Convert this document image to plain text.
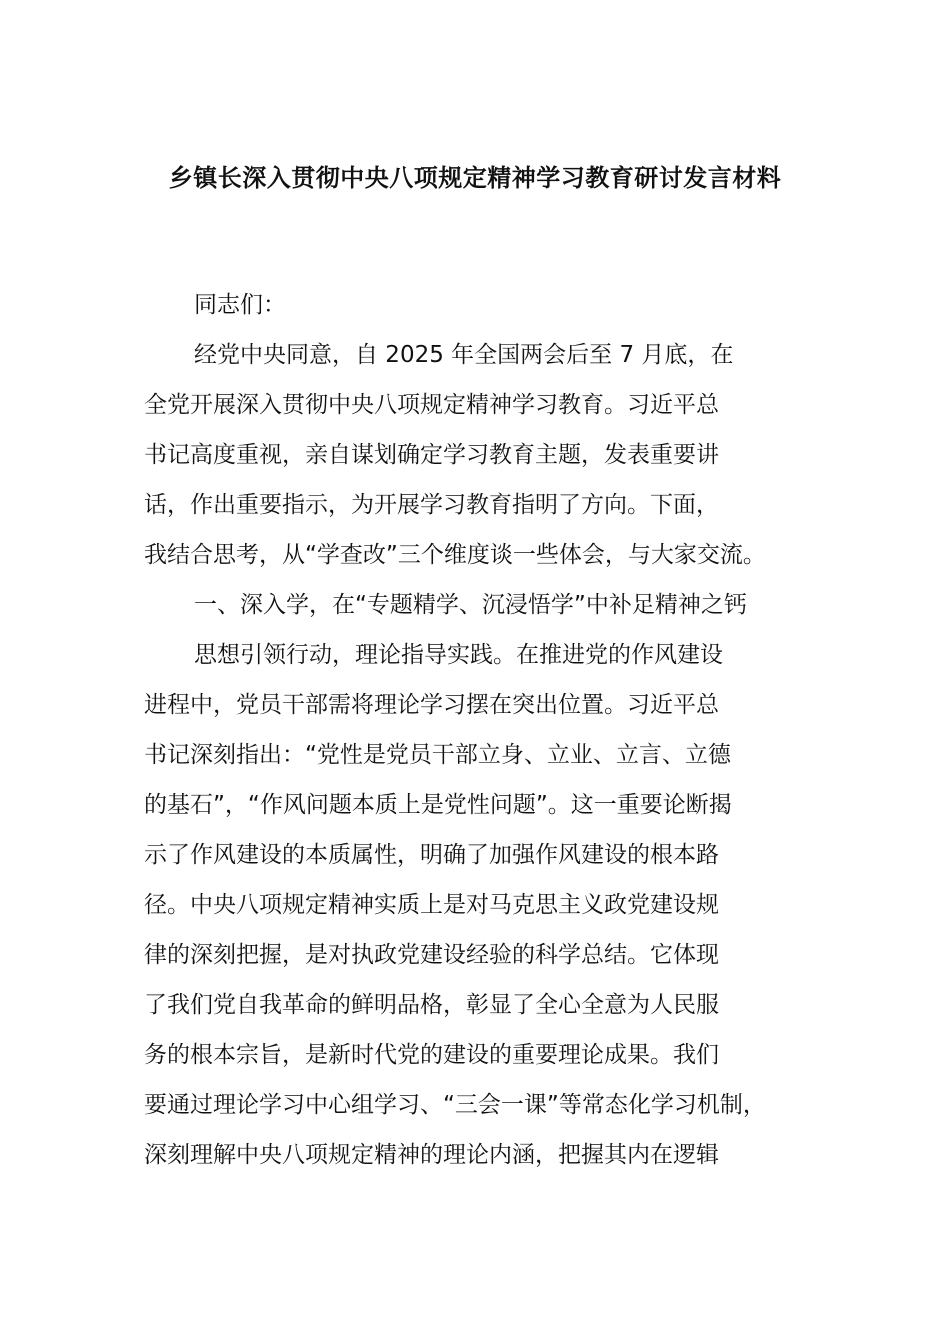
乡镇长深入贯彻中央八项规定精神学习教育研讨发言材料
同志们：
经党中央同意，自 2025 年全国两会后至 7 月底，在
全党开展深入贯彻中央八项规定精神学习教育。习近平总
书记高度重视，亲自谋划确定学习教育主题，发表重要讲
话，作出重要指示，为开展学习教育指明了方向。下面，
我结合思考，从“学查改”三个维度谈一些体会，与大家交流。
一、深入学，在“专题精学、沉浸悟学”中补足精神之钙
思想引领行动，理论指导实践。在推进党的作风建设
进程中，党员干部需将理论学习摆在突出位置。习近平总
书记深刻指出：“党性是党员干部立身、立业、立言、立德
的基石”，“作风问题本质上是党性问题”。这一重要论断揭
示了作风建设的本质属性，明确了加强作风建设的根本路
径。中央八项规定精神实质上是对马克思主义政党建设规
律的深刻把握，是对执政党建设经验的科学总结。它体现
了我们党自我革命的鲜明品格，彰显了全心全意为人民服
务的根本宗旨，是新时代党的建设的重要理论成果。我们
要通过理论学习中心组学习、“三会一课”等常态化学习机制，
深刻理解中央八项规定精神的理论内涵，把握其内在逻辑
